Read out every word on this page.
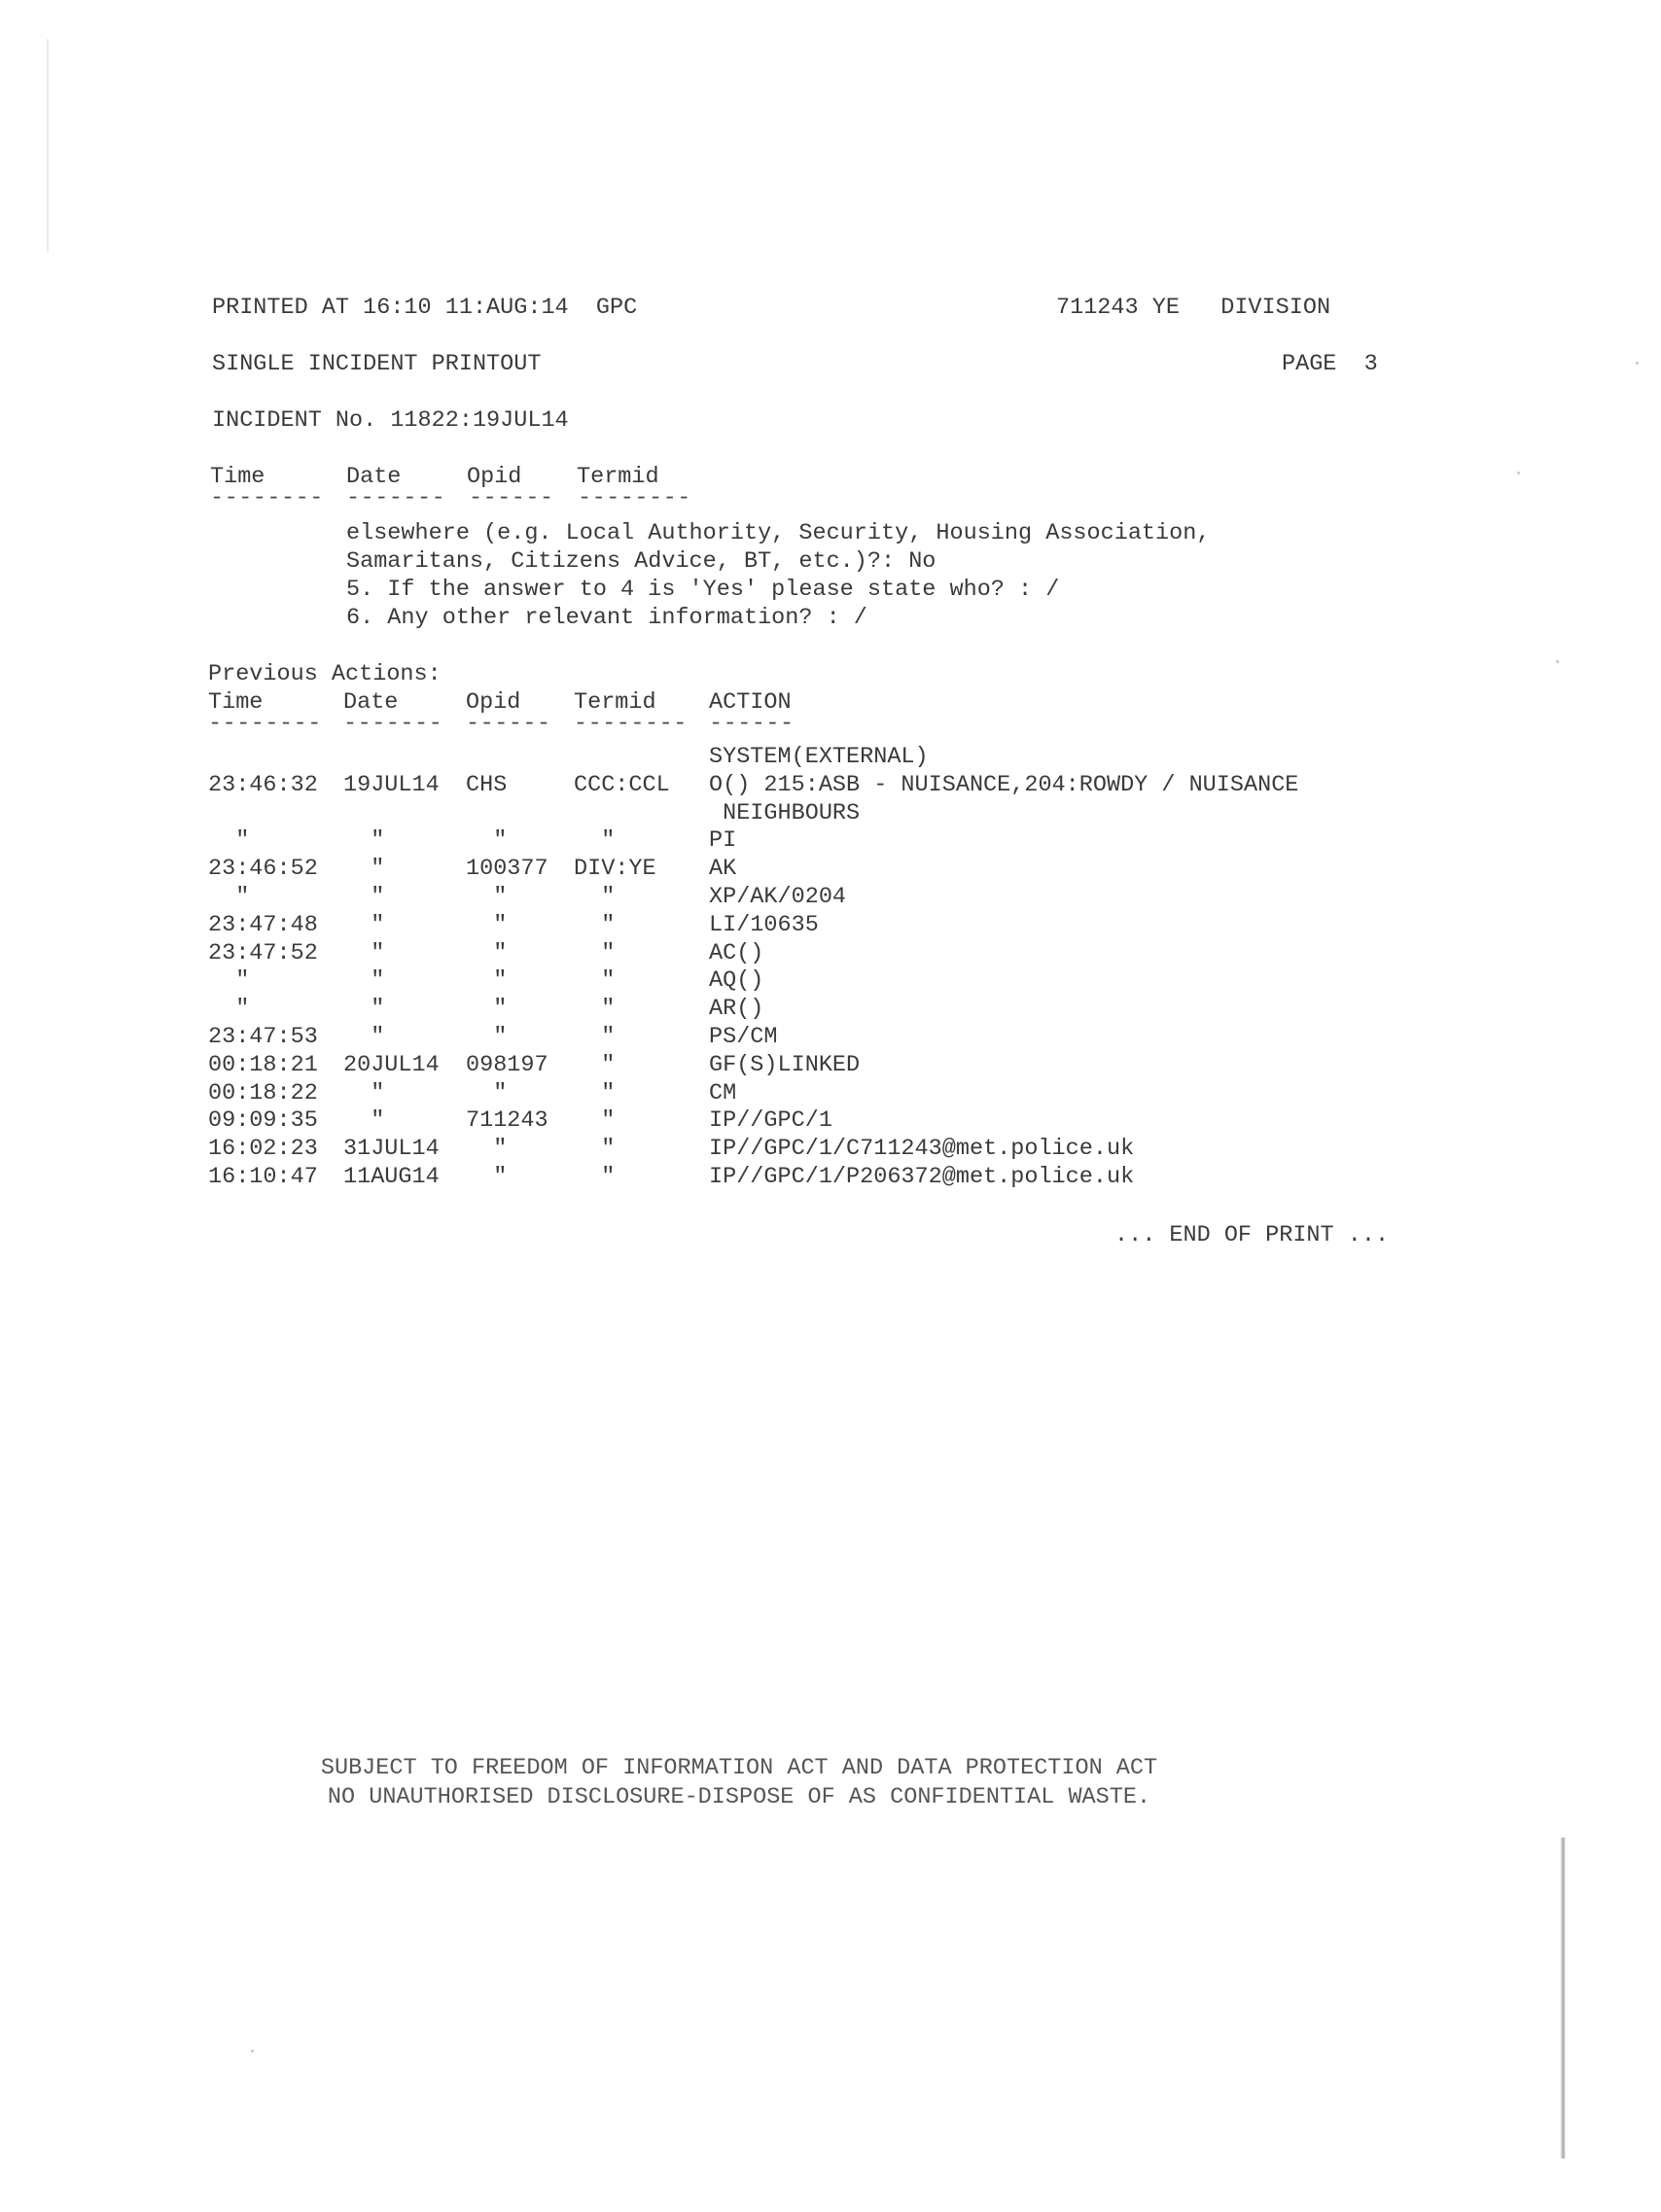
PRINTED AT 16:10 11:AUG:14  GPC	711243 YE   DIVISION
SINGLE INCIDENT PRINTOUT	PAGE  3
INCIDENT No. 11822:19JUL14
Time	Date	Opid Termid
-------- ------- ------ --------
elsewhere (e.g. Local Authority, Security, Housing Association,
Samaritans, Citizens Advice, BT, etc.)?: No
5. If the answer to 4 is 'Yes' please state who? : /
6. Any other relevant information? : /
Previous Actions:
Time	Date	Opid Termid ACTION
-------- ------- ------ -------- ------
SYSTEM(EXTERNAL)
23:46:32 19JUL14 CHS	CCC:CCL O() 215:ASB - NUISANCE,204:ROWDY / NUISANCE
NEIGHBOURS
"	"	"	"	PI
23:46:52 "	100377 DIV:YE AK
"	"	"	"	XP/AK/0204
23:47:48 "	"	"	LI/10635
23:47:52 "	"	"	AC()
"	"	"	"	AQ()
"	"	"	"	AR()
23:47:53 "	"	"	PS/CM
00:18:21 20JUL14 098197 "	GF(S)LINKED
00:18:22 "	"	"	CM
09:09:35 "	711243 "	IP//GPC/1
16:02:23 31JUL14 "	"	IP//GPC/1/C711243@met.police.uk
16:10:47 11AUG14 "	"	IP//GPC/1/P206372@met.police.uk
... END OF PRINT ...
SUBJECT TO FREEDOM OF INFORMATION ACT AND DATA PROTECTION ACT
NO UNAUTHORISED DISCLOSURE-DISPOSE OF AS CONFIDENTIAL WASTE.
